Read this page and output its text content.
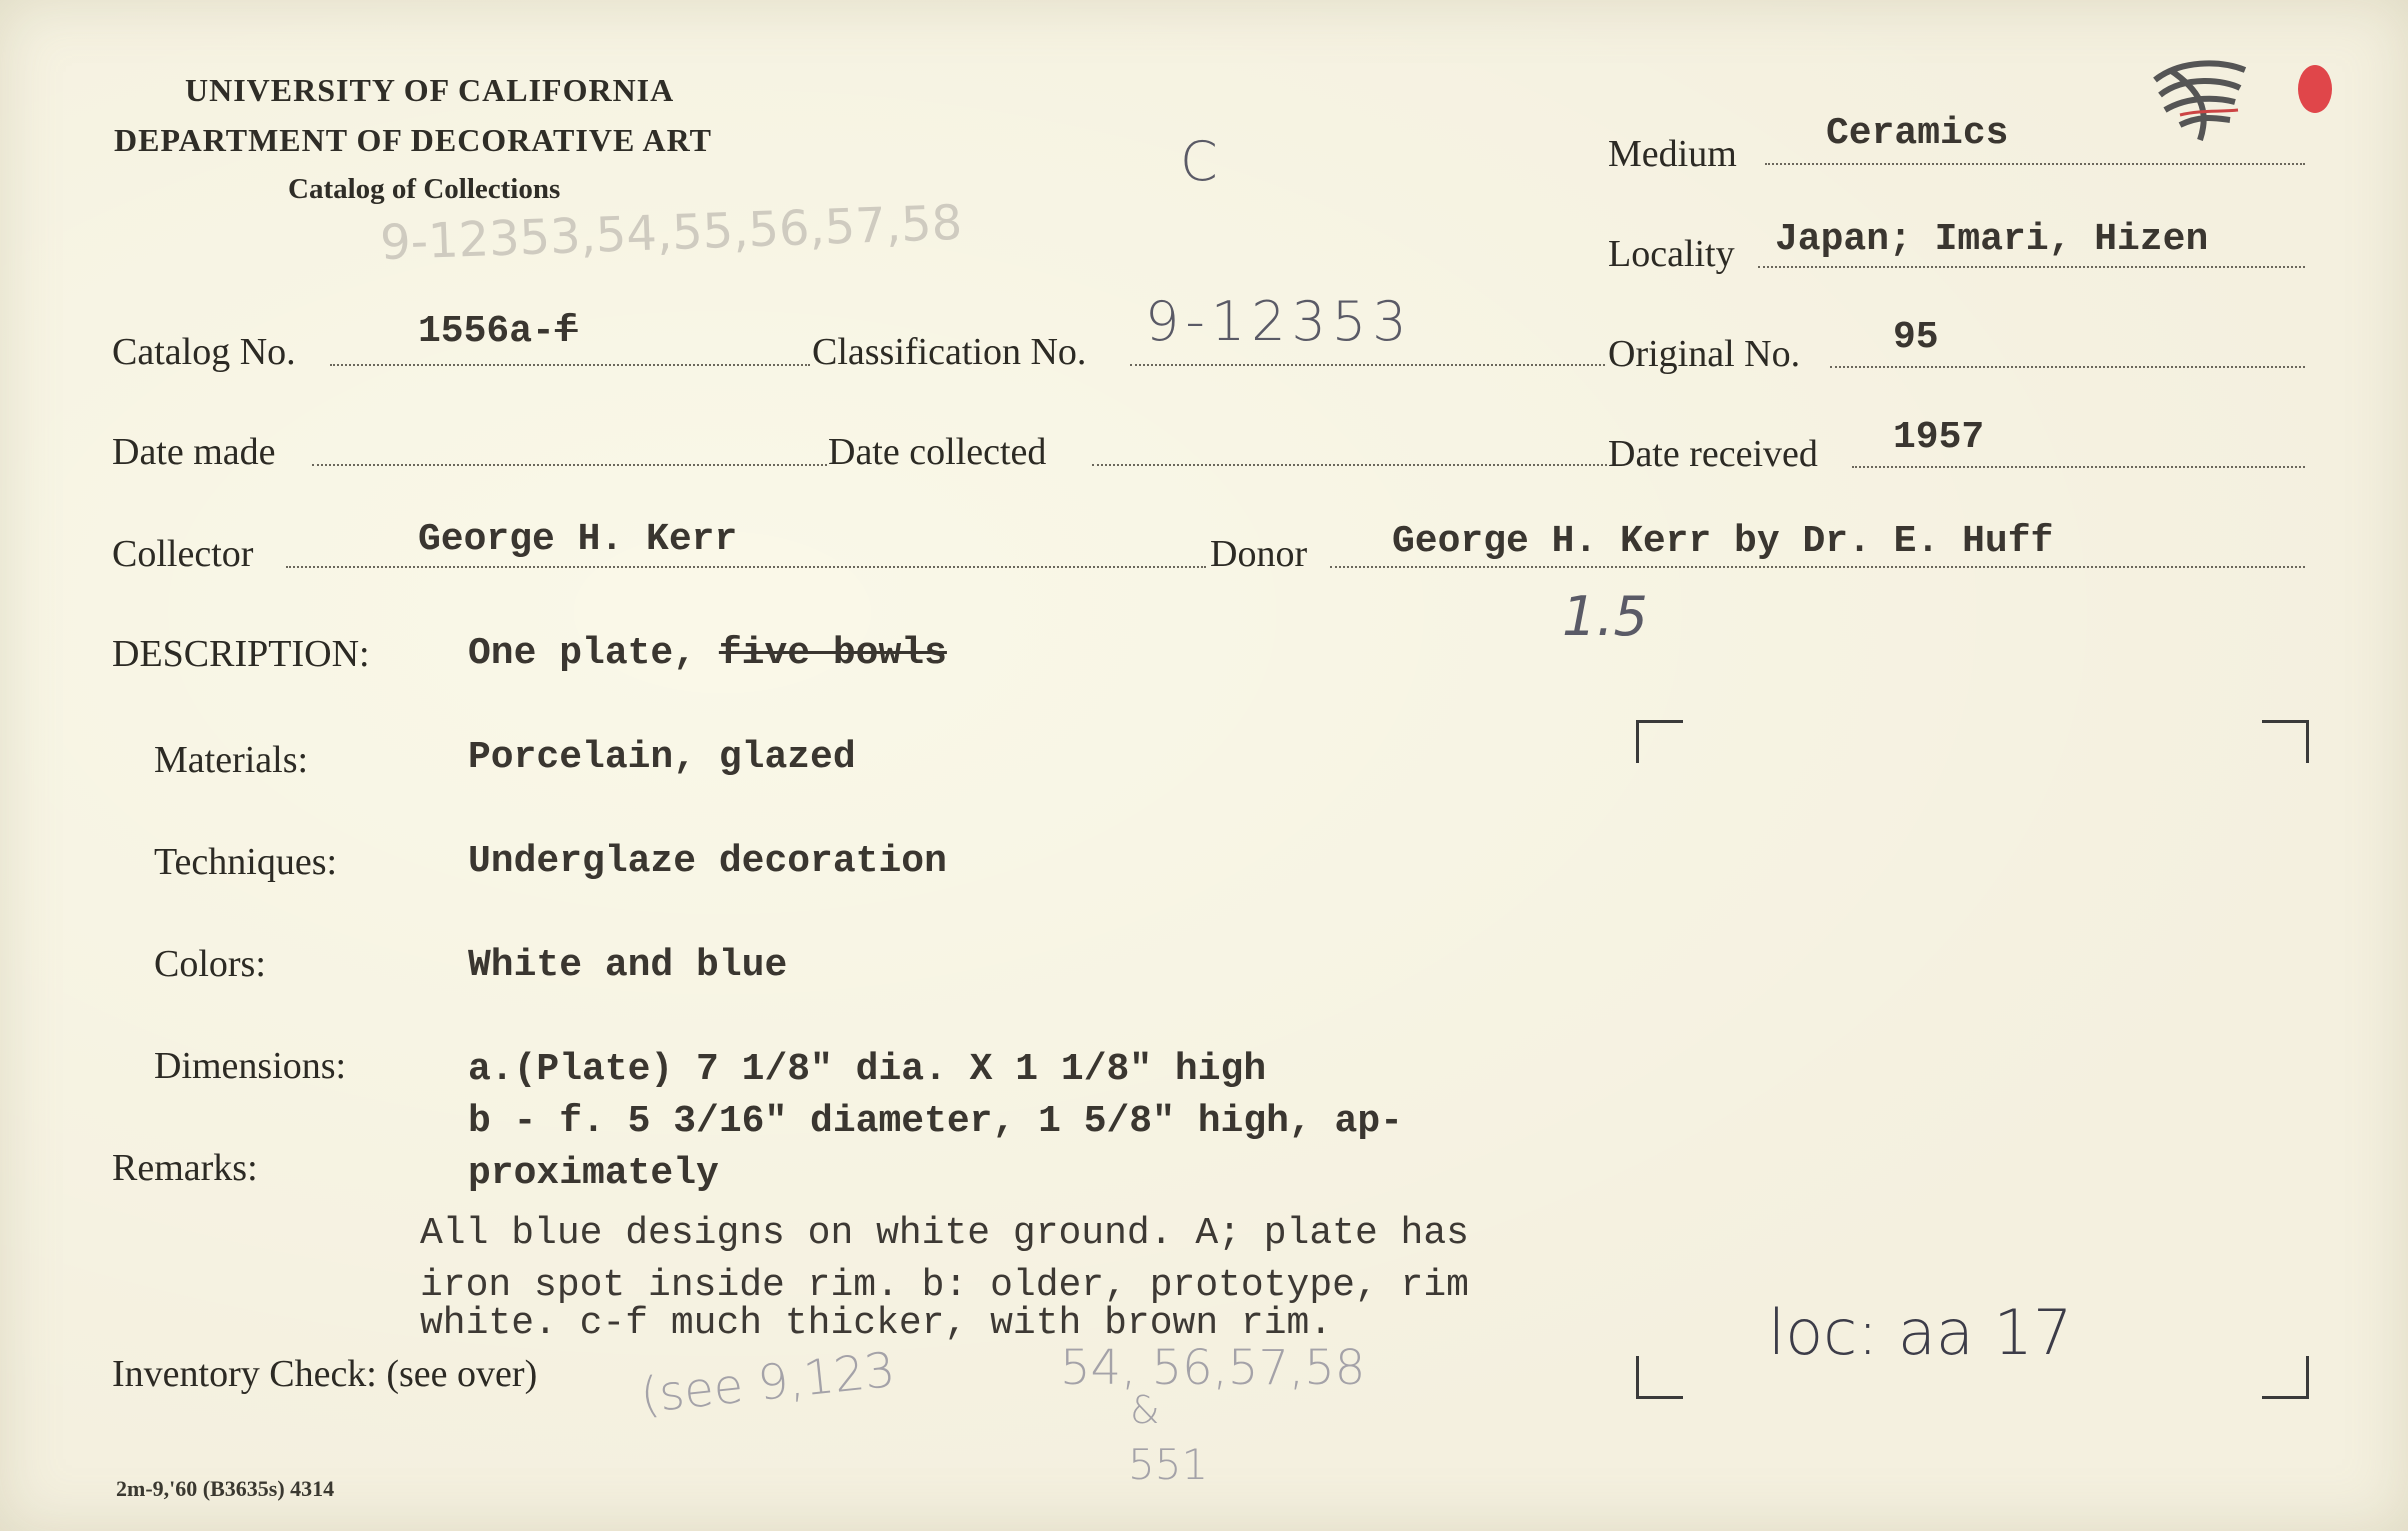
UNIVERSITY OF CALIFORNIA
DEPARTMENT OF DECORATIVE ART
Catalog of Collections
9-12353,54,55,56,57,58
C	Medium Ceramics
Locality Japan; Imari, Hizen
Catalog No.	1556a-f	Classification No. 9-12353
Original No. 95
Date made	Date collected	Date received 1957
Collector	George H. Kerr	Donor George H. Kerr by Dr. E. Huff
1.5
DESCRIPTION:	One plate, five bowls
Materials:	Porcelain, glazed
Techniques:	Underglaze decoration
Colors:	White and blue
Dimensions:	a.(Plate) 7 1/8" dia. X 1 1/8" high
b - f. 5 3/16" diameter, 1 5/8" high, ap-
proximately
Remarks:
All blue designs on white ground. A; plate has
iron spot inside rim. b: older, prototype, rim
white. c-f much thicker, with brown rim.
Inventory Check: (see over) (see 9,123	54, 56,57,58
&
551
loc: aa 17
2m-9,'60 (B3635s) 4314
